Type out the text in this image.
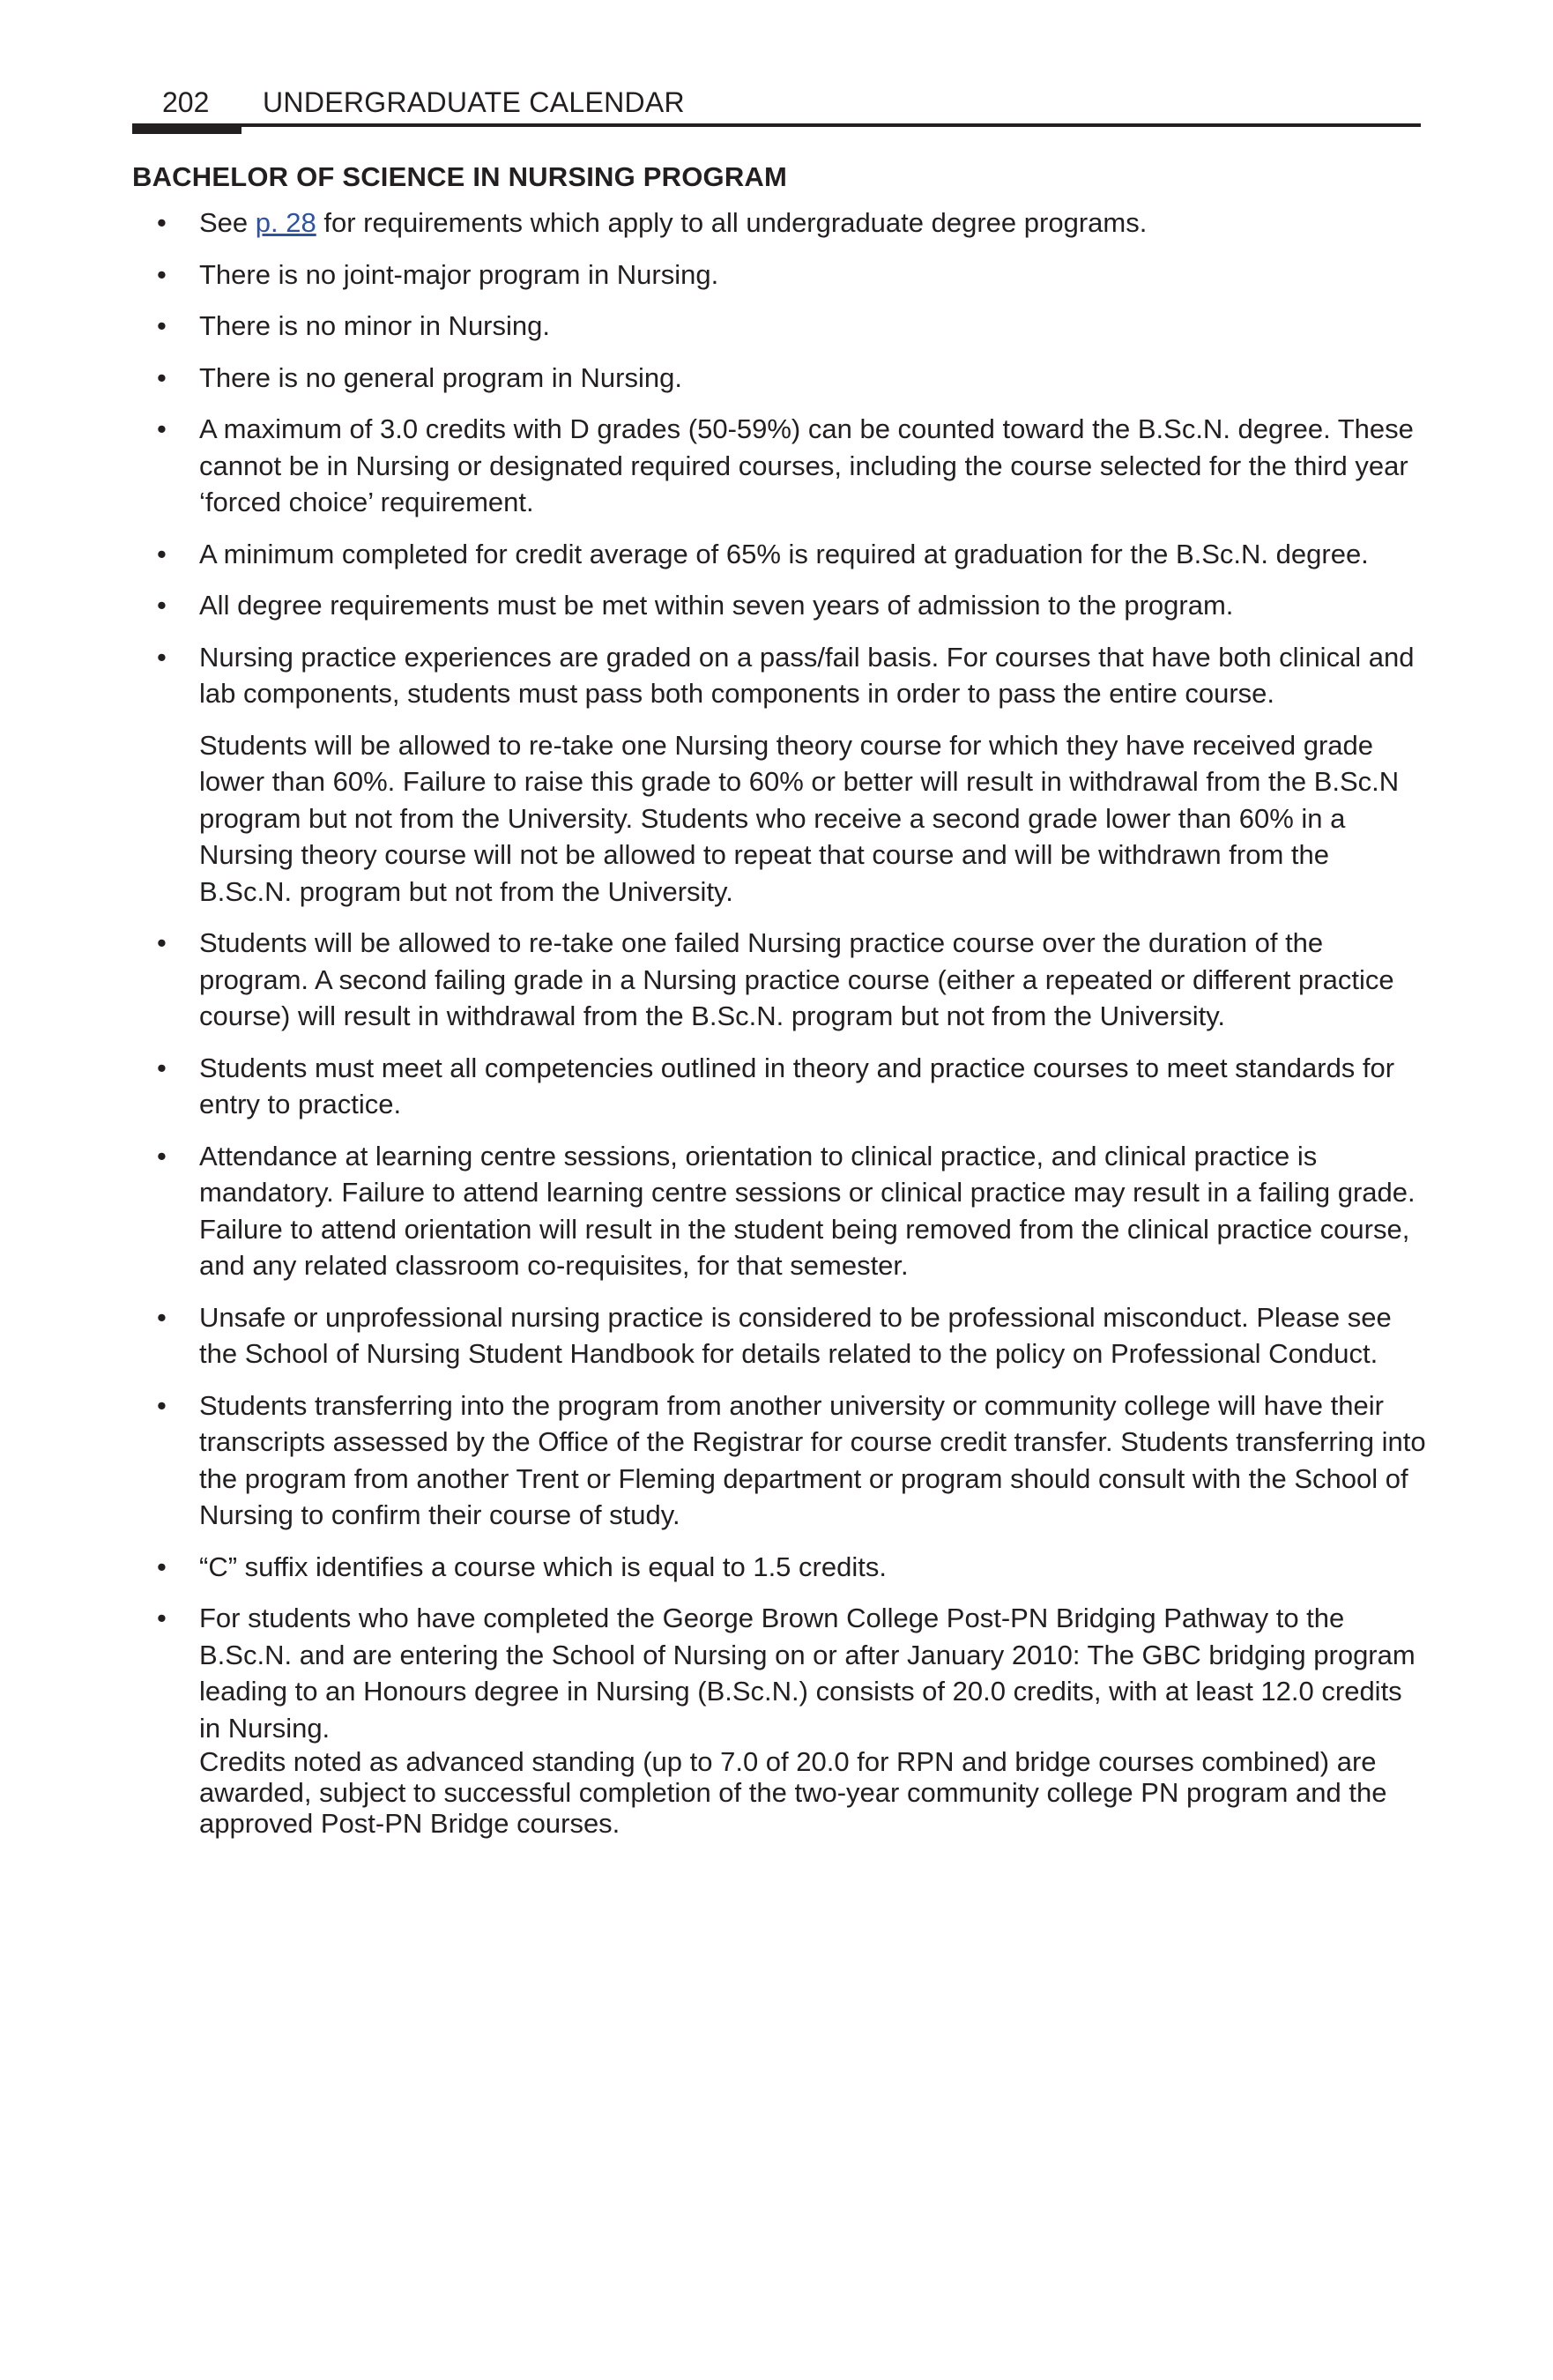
202 UNDERGRADUATE CALENDAR
BACHELOR OF SCIENCE IN NURSING PROGRAM
• See p. 28 for requirements which apply to all undergraduate degree programs.

• There is no joint-major program in Nursing.

• There is no minor in Nursing.

• There is no general program in Nursing.

• A maximum of 3.0 credits with D grades (50-59%) can be counted toward the B.Sc.N. degree. These cannot be in Nursing or designated required courses, including the course selected for the third year ‘forced choice’ requirement.

• A minimum completed for credit average of 65% is required at graduation for the B.Sc.N. degree.

• All degree requirements must be met within seven years of admission to the program.

• Nursing practice experiences are graded on a pass/fail basis. For courses that have both clinical and lab components, students must pass both components in order to pass the entire course.

Students will be allowed to re-take one Nursing theory course for which they have received grade lower than 60%. Failure to raise this grade to 60% or better will result in withdrawal from the B.Sc.N program but not from the University. Students who receive a second grade lower than 60% in a Nursing theory course will not be allowed to repeat that course and will be withdrawn from the B.Sc.N. program but not from the University.

• Students will be allowed to re-take one failed Nursing practice course over the duration of the program. A second failing grade in a Nursing practice course (either a repeated or different practice course) will result in withdrawal from the B.Sc.N. program but not from the University.

• Students must meet all competencies outlined in theory and practice courses to meet standards for entry to practice.

• Attendance at learning centre sessions, orientation to clinical practice, and clinical practice is mandatory. Failure to attend learning centre sessions or clinical practice may result in a failing grade. Failure to attend orientation will result in the student being removed from the clinical practice course, and any related classroom co-requisites, for that semester.

• Unsafe or unprofessional nursing practice is considered to be professional misconduct. Please see the School of Nursing Student Handbook for details related to the policy on Professional Conduct.

• Students transferring into the program from another university or community college will have their transcripts assessed by the Office of the Registrar for course credit transfer. Students transferring into the program from another Trent or Fleming department or program should consult with the School of Nursing to confirm their course of study.

• “C” suffix identifies a course which is equal to 1.5 credits.

• For students who have completed the George Brown College Post-PN Bridging Pathway to the B.Sc.N. and are entering the School of Nursing on or after January 2010: The GBC bridging program leading to an Honours degree in Nursing (B.Sc.N.) consists of 20.0 credits, with at least 12.0 credits in Nursing.
Credits noted as advanced standing (up to 7.0 of 20.0 for RPN and bridge courses combined) are awarded, subject to successful completion of the two-year community college PN program and the approved Post-PN Bridge courses.
